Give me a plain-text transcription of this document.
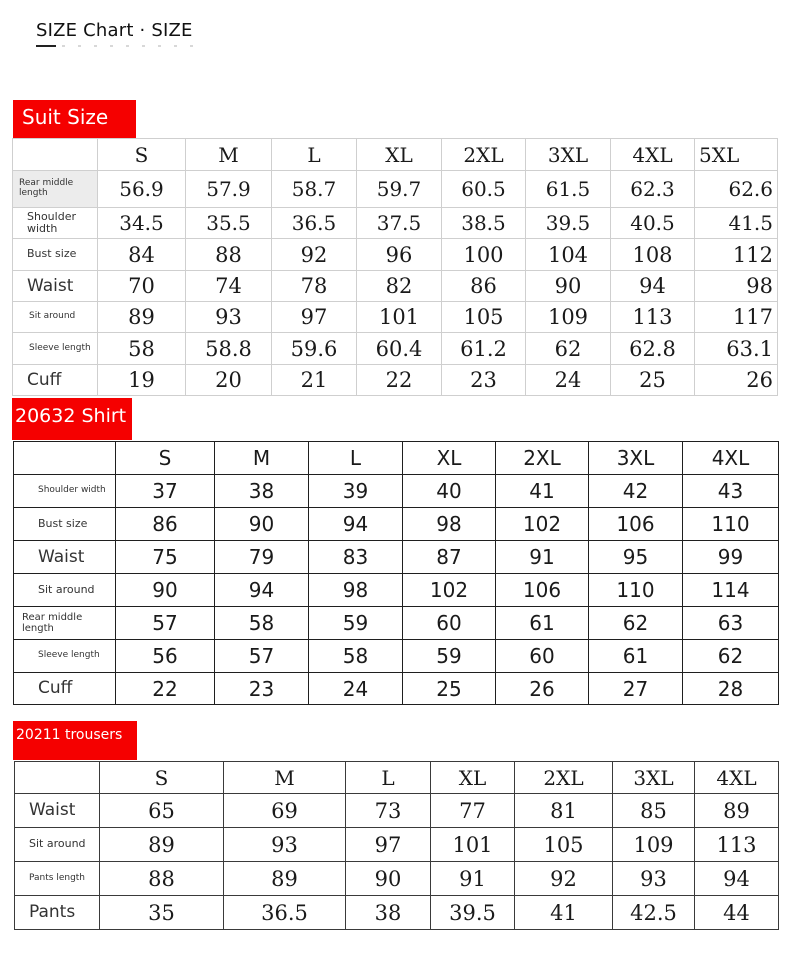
SIZE Chart · SIZE
Suit Size
	S	M	L	XL	2XL	3XL	4XL	5XL
Rear middle length	56.9	57.9	58.7	59.7	60.5	61.5	62.3	62.6
Shoulder width	34.5	35.5	36.5	37.5	38.5	39.5	40.5	41.5
Bust size	84	88	92	96	100	104	108	112
Waist	70	74	78	82	86	90	94	98
Sit around	89	93	97	101	105	109	113	117
Sleeve length	58	58.8	59.6	60.4	61.2	62	62.8	63.1
Cuff	19	20	21	22	23	24	25	26
20632 Shirt
	S	M	L	XL	2XL	3XL	4XL
Shoulder width	37	38	39	40	41	42	43
Bust size	86	90	94	98	102	106	110
Waist	75	79	83	87	91	95	99
Sit around	90	94	98	102	106	110	114
Rear middle length	57	58	59	60	61	62	63
Sleeve length	56	57	58	59	60	61	62
Cuff	22	23	24	25	26	27	28
20211 trousers
	S	M	L	XL	2XL	3XL	4XL
Waist	65	69	73	77	81	85	89
Sit around	89	93	97	101	105	109	113
Pants length	88	89	90	91	92	93	94
Pants	35	36.5	38	39.5	41	42.5	44
